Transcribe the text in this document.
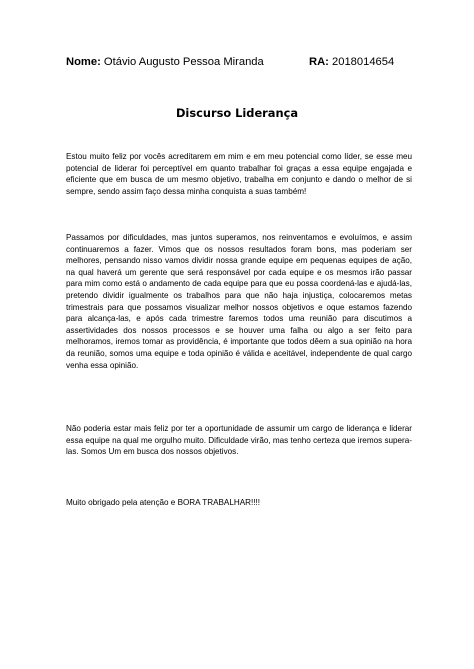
Nome: Otávio Augusto Pessoa Miranda	RA: 2018014654
Discurso Liderança

Estou muito feliz por vocês acreditarem em mim e em meu potencial como líder, se esse meu potencial de liderar foi perceptível em quanto trabalhar foi graças a essa equipe engajada e eficiente que em busca de um mesmo objetivo, trabalha em conjunto e dando o melhor de si sempre, sendo assim faço dessa minha conquista a suas também!

Passamos por dificuldades, mas juntos superamos, nos reinventamos e evoluímos, e assim continuaremos a fazer. Vimos que os nossos resultados foram bons, mas poderiam ser melhores, pensando nisso vamos dividir nossa grande equipe em pequenas equipes de ação, na qual haverá um gerente que será responsável por cada equipe e os mesmos irão passar para mim como está o andamento de cada equipe para que eu possa coordená-las e ajudá-las, pretendo dividir igualmente os trabalhos para que não haja injustiça, colocaremos metas trimestrais para que possamos visualizar melhor nossos objetivos e oque estamos fazendo para alcança-las, e após cada trimestre faremos todos uma reunião para discutimos a assertividades dos nossos processos e se houver uma falha ou algo a ser feito para melhoramos, iremos tomar as providência, é importante que todos dêem a sua opinião na hora da reunião, somos uma equipe e toda opinião é válida e aceitável, independente de qual cargo venha essa opinião.

Não poderia estar mais feliz por ter a oportunidade de assumir um cargo de liderança e liderar essa equipe na qual me orgulho muito. Dificuldade virão, mas tenho certeza que iremos supera-las. Somos Um em busca dos nossos objetivos.

Muito obrigado pela atenção e BORA TRABALHAR!!!!
